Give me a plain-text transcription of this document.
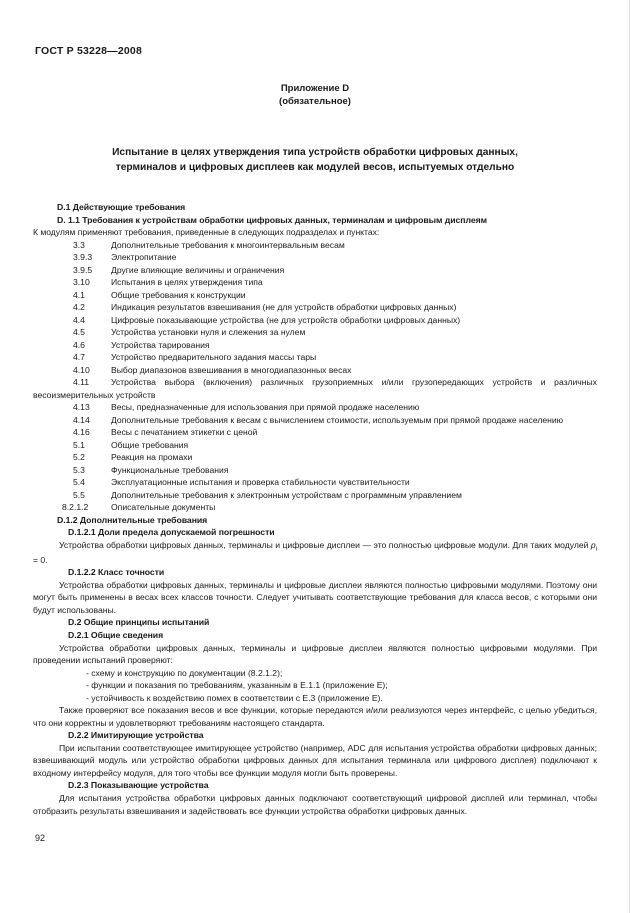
ГОСТ Р 53228—2008
Приложение D
(обязательное)
Испытание в целях утверждения типа устройств обработки цифровых данных,
терминалов и цифровых дисплеев как модулей весов, испытуемых отдельно
D.1 Действующие требования
D. 1.1 Требования к устройствам обработки цифровых данных, терминалам и цифровым дисплеям

К модулям применяют требования, приведенные в следующих подразделах и пунктах:

3.3	Дополнительные требования к многоинтервальным весам
3.9.3	Электропитание
3.9.5	Другие влияющие величины и ограничения
3.10	Испытания в целях утверждения типа
4.1	Общие требования к конструкции
4.2	Индикация результатов взвешивания (не для устройств обработки цифровых данных)
4.4	Цифровые показывающие устройства (не для устройств обработки цифровых данных)
4.5	Устройства установки нуля и слежения за нулем
4.6	Устройства тарирования
4.7	Устройство предварительного задания массы тары
4.10	Выбор диапазонов взвешивания в многодиапазонных весах
4.11	Устройства выбора (включения) различных грузоприемных и/или грузопередающих устройств и различных весоизмерительных устройств
4.13	Весы, предназначенные для использования при прямой продаже населению
4.14 Дополнительные требования к весам с вычислением стоимости, используемым при прямой продаже населению
4.16	Весы с печатанием этикетки с ценой
5.1	Общие требования
5.2	Реакция на промахи
5.3	Функциональные требования
5.4	Эксплуатационные испытания и проверка стабильности чувствительности
5.5	Дополнительные требования к электронным устройствам с программным управлением
8.2.1.2	Описательные документы
D.1.2 Дополнительные требования
D.1.2.1 Доли предела допускаемой погрешности

Устройства обработки цифровых данных, терминалы и цифровые дисплеи — это полностью цифровые модули. Для таких модулей $p_i = 0$.

D.1.2.2 Класс точности

Устройства обработки цифровых данных, терминалы и цифровые дисплеи являются полностью цифровыми модулями. Поэтому они могут быть применены в весах всех классов точности. Следует учитывать соответствующие требования для класса весов, с которыми они будут использованы.

D.2 Общие принципы испытаний
D.2.1 Общие сведения

Устройства обработки цифровых данных, терминалы и цифровые дисплеи являются полностью цифровыми модулями. При проведении испытаний проверяют:

- схему и конструкцию по документации (8.2.1.2);
- функции и показания по требованиям, указанным в Е.1.1 (приложение Е);
- устойчивость к воздействию помех в соответствии с Е.3 (приложение Е).

Также проверяют все показания весов и все функции, которые передаются и/или реализуются через интерфейс, с целью убедиться, что они корректны и удовлетворяют требованиям настоящего стандарта.

D.2.2 Имитирующие устройства

При испытании соответствующее имитирующее устройство (например, ADC для испытания устройства обработки цифровых данных; взвешивающий модуль или устройство обработки цифровых данных для испытания терминала или цифрового дисплея) подключают к входному интерфейсу модуля, для того чтобы все функции модуля могли быть проверены.

D.2.3 Показывающие устройства

Для испытания устройства обработки цифровых данных подключают соответствующий цифровой дисплей или терминал, чтобы отобразить результаты взвешивания и задействовать все функции устройства обработки цифровых данных.

92
